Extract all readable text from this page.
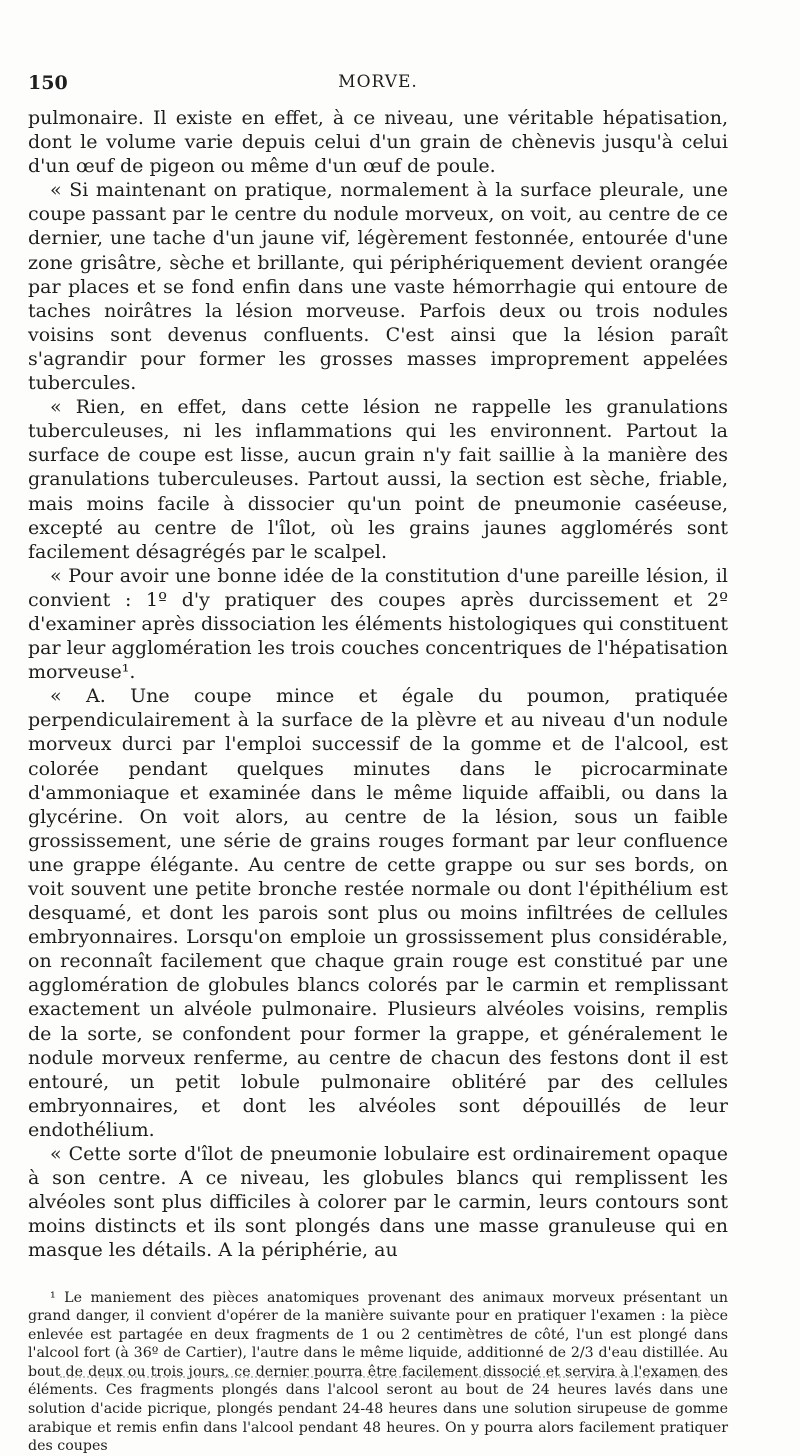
150	MORVE.

pulmonaire. Il existe en effet, à ce niveau, une véritable hépatisation, dont le volume varie depuis celui d'un grain de chènevis jusqu'à celui d'un œuf de pigeon ou même d'un œuf de poule.

« Si maintenant on pratique, normalement à la surface pleurale, une coupe passant par le centre du nodule morveux, on voit, au centre de ce dernier, une tache d'un jaune vif, légèrement festonnée, entourée d'une zone grisâtre, sèche et brillante, qui périphériquement devient orangée par places et se fond enfin dans une vaste hémorrhagie qui entoure de taches noirâtres la lésion morveuse. Parfois deux ou trois nodules voisins sont devenus confluents. C'est ainsi que la lésion paraît s'agrandir pour former les grosses masses improprement appelées tubercules.

« Rien, en effet, dans cette lésion ne rappelle les granulations tuberculeuses, ni les inflammations qui les environnent. Partout la surface de coupe est lisse, aucun grain n'y fait saillie à la manière des granulations tuberculeuses. Partout aussi, la section est sèche, friable, mais moins facile à dissocier qu'un point de pneumonie caséeuse, excepté au centre de l'îlot, où les grains jaunes agglomérés sont facilement désagrégés par le scalpel.

« Pour avoir une bonne idée de la constitution d'une pareille lésion, il convient : 1º d'y pratiquer des coupes après durcissement et 2º d'examiner après dissociation les éléments histologiques qui constituent par leur agglomération les trois couches concentriques de l'hépatisation morveuse¹.

« A. Une coupe mince et égale du poumon, pratiquée perpendiculairement à la surface de la plèvre et au niveau d'un nodule morveux durci par l'emploi successif de la gomme et de l'alcool, est colorée pendant quelques minutes dans le picrocarminate d'ammoniaque et examinée dans le même liquide affaibli, ou dans la glycérine. On voit alors, au centre de la lésion, sous un faible grossissement, une série de grains rouges formant par leur confluence une grappe élégante. Au centre de cette grappe ou sur ses bords, on voit souvent une petite bronche restée normale ou dont l'épithélium est desquamé, et dont les parois sont plus ou moins infiltrées de cellules embryonnaires. Lorsqu'on emploie un grossissement plus considérable, on reconnaît facilement que chaque grain rouge est constitué par une agglomération de globules blancs colorés par le carmin et remplissant exactement un alvéole pulmonaire. Plusieurs alvéoles voisins, remplis de la sorte, se confondent pour former la grappe, et généralement le nodule morveux renferme, au centre de chacun des festons dont il est entouré, un petit lobule pulmonaire oblitéré par des cellules embryonnaires, et dont les alvéoles sont dépouillés de leur endothélium.

« Cette sorte d'îlot de pneumonie lobulaire est ordinairement opaque à son centre. A ce niveau, les globules blancs qui remplissent les alvéoles sont plus difficiles à colorer par le carmin, leurs contours sont moins distincts et ils sont plongés dans une masse granuleuse qui en masque les détails. A la périphérie, au

¹ Le maniement des pièces anatomiques provenant des animaux morveux présentant un grand danger, il convient d'opérer de la manière suivante pour en pratiquer l'examen : la pièce enlevée est partagée en deux fragments de 1 ou 2 centimètres de côté, l'un est plongé dans l'alcool fort (à 36º de Cartier), l'autre dans le même liquide, additionné de 2/3 d'eau distillée. Au bout de deux ou trois jours, ce dernier pourra être facilement dissocié et servira à l'examen des éléments. Ces fragments plongés dans l'alcool seront au bout de 24 heures lavés dans une solution d'acide picrique, plongés pendant 24-48 heures dans une solution sirupeuse de gomme arabique et remis enfin dans l'alcool pendant 48 heures. On y pourra alors facilement pratiquer des coupes
